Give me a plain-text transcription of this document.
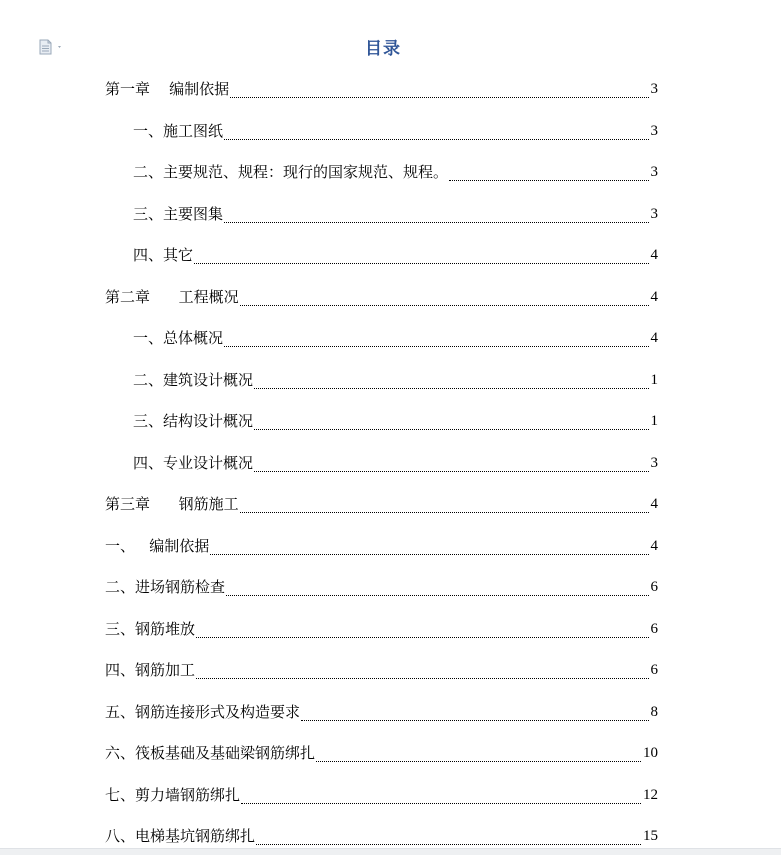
目录
第一章    编制依据	3
一、施工图纸	3
二、主要规范、规程：现行的国家规范、规程。	3
三、主要图集	3
四、其它	4
第二章      工程概况	4
一、总体概况	4
二、建筑设计概况	1
三、结构设计概况	1
四、专业设计概况	3
第三章      钢筋施工	4
一、   编制依据	4
二、进场钢筋检查	6
三、钢筋堆放	6
四、钢筋加工	6
五、钢筋连接形式及构造要求	8
六、筏板基础及基础梁钢筋绑扎	10
七、剪力墙钢筋绑扎	12
八、电梯基坑钢筋绑扎	15
